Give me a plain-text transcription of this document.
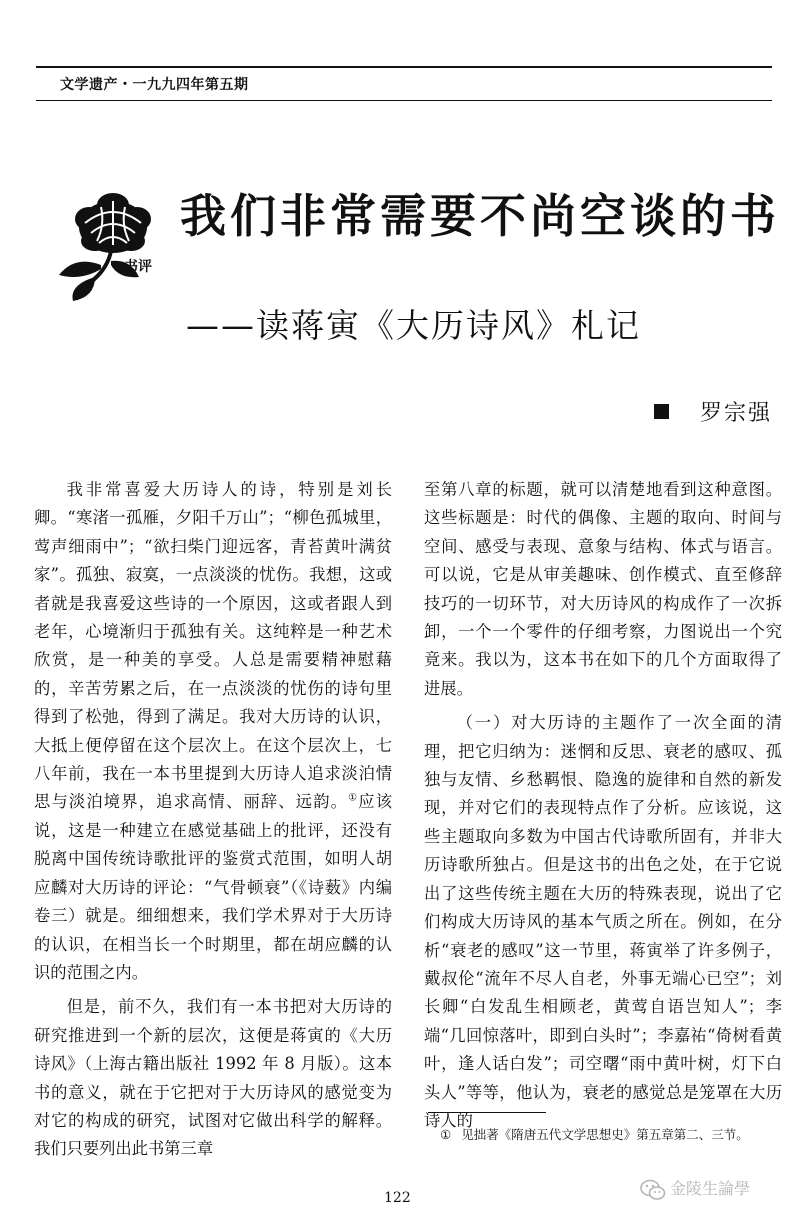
文学遗产・一九九四年第五期
书评
我们非常需要不尚空谈的书
——读蒋寅《大历诗风》札记
罗宗强

我非常喜爱大历诗人的诗，特别是刘长卿。“寒渚一孤雁，夕阳千万山”；“柳色孤城里，莺声细雨中”；“欲扫柴门迎远客，青苔黄叶满贫家”。孤独、寂寞，一点淡淡的忧伤。我想，这或者就是我喜爱这些诗的一个原因，这或者跟人到老年，心境渐归于孤独有关。这纯粹是一种艺术欣赏，是一种美的享受。人总是需要精神慰藉的，辛苦劳累之后，在一点淡淡的忧伤的诗句里得到了松弛，得到了满足。我对大历诗的认识，大抵上便停留在这个层次上。在这个层次上，七八年前，我在一本书里提到大历诗人追求淡泊情思与淡泊境界，追求高情、丽辞、远韵。①应该说，这是一种建立在感觉基础上的批评，还没有脱离中国传统诗歌批评的鉴赏式范围，如明人胡应麟对大历诗的评论：“气骨顿衰”（《诗薮》内编卷三）就是。细细想来，我们学术界对于大历诗的认识，在相当长一个时期里，都在胡应麟的认识的范围之内。

但是，前不久，我们有一本书把对大历诗的研究推进到一个新的层次，这便是蒋寅的《大历诗风》（上海古籍出版社 1992 年 8 月版）。这本书的意义，就在于它把对于大历诗风的感觉变为对它的构成的研究，试图对它做出科学的解释。我们只要列出此书第三章

至第八章的标题，就可以清楚地看到这种意图。这些标题是：时代的偶像、主题的取向、时间与空间、感受与表现、意象与结构、体式与语言。可以说，它是从审美趣味、创作模式、直至修辞技巧的一切环节，对大历诗风的构成作了一次拆卸，一个一个零件的仔细考察，力图说出一个究竟来。我以为，这本书在如下的几个方面取得了进展。

（一）对大历诗的主题作了一次全面的清理，把它归纳为：迷惘和反思、衰老的感叹、孤独与友情、乡愁羁恨、隐逸的旋律和自然的新发现，并对它们的表现特点作了分析。应该说，这些主题取向多数为中国古代诗歌所固有，并非大历诗歌所独占。但是这书的出色之处，在于它说出了这些传统主题在大历的特殊表现，说出了它们构成大历诗风的基本气质之所在。例如，在分析“衰老的感叹”这一节里，蒋寅举了许多例子，戴叔伦“流年不尽人自老，外事无端心已空”；刘长卿“白发乱生相顾老，黄莺自语岂知人”；李端“几回惊落叶，即到白头时”；李嘉祐“倚树看黄叶，逢人话白发”；司空曙“雨中黄叶树，灯下白头人”等等，他认为，衰老的感觉总是笼罩在大历诗人的

① 见拙著《隋唐五代文学思想史》第五章第二、三节。
122	金陵生論學
